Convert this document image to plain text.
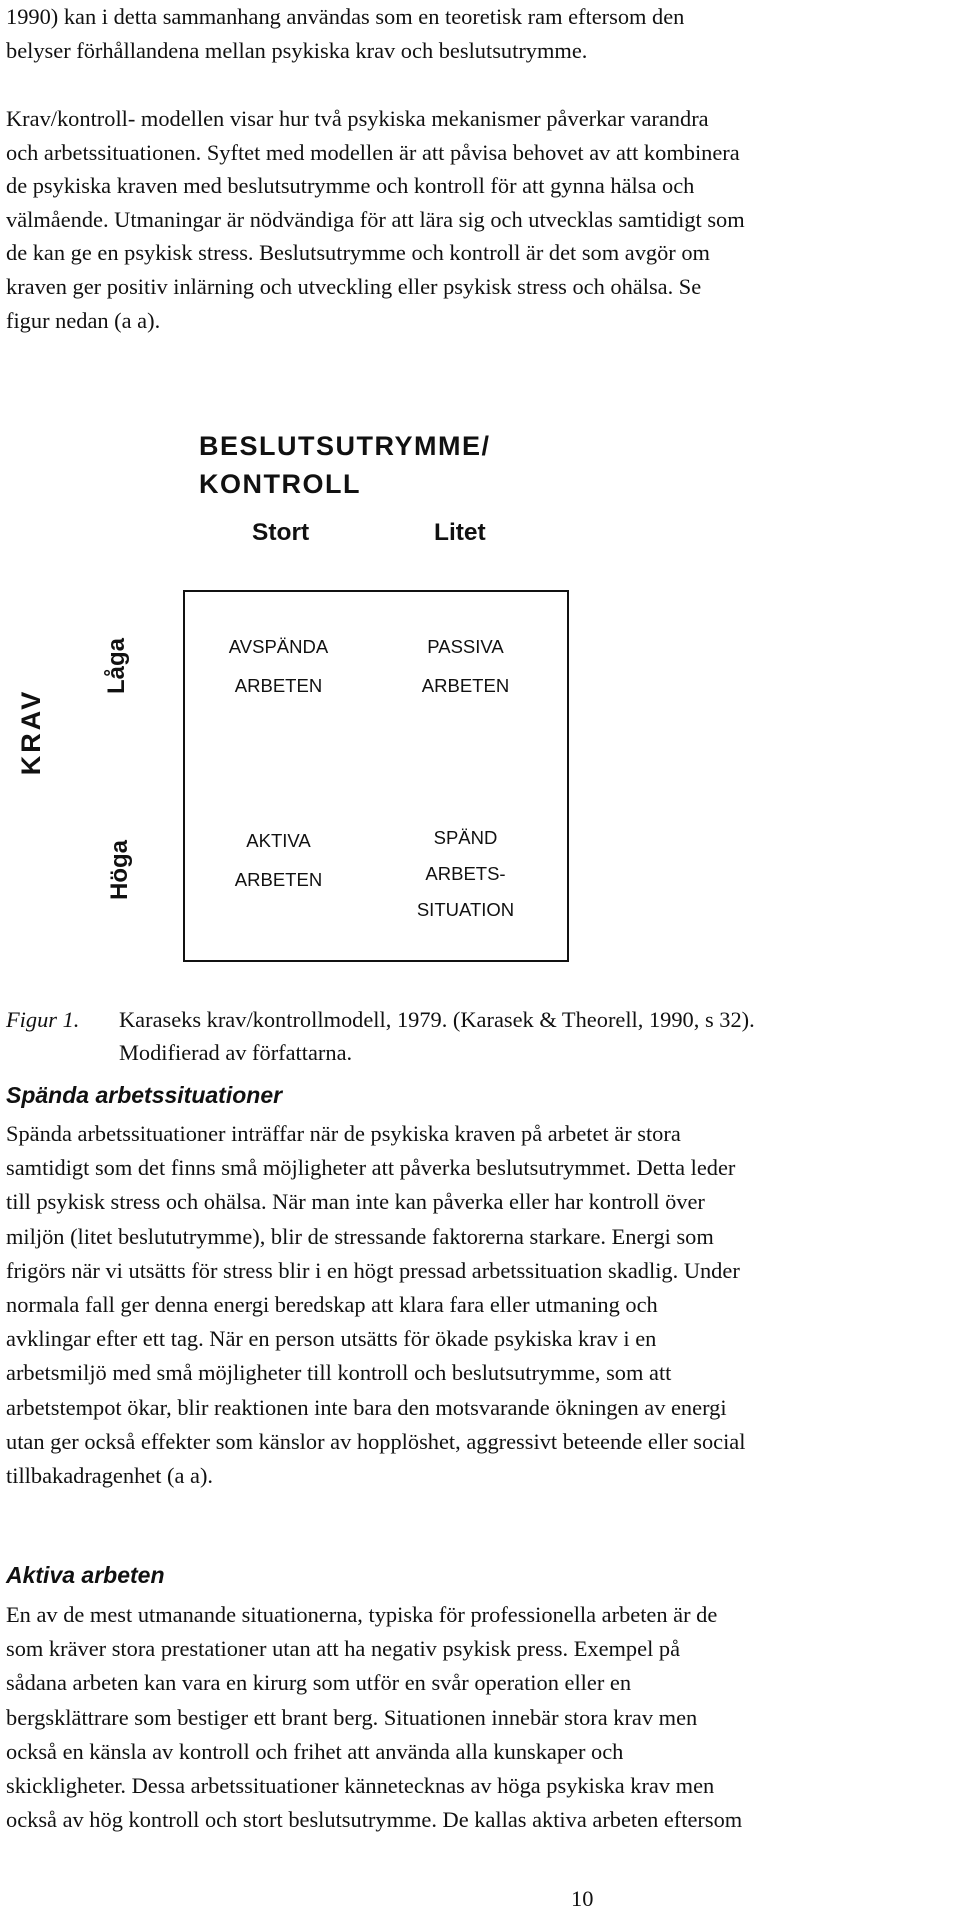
1990) kan i detta sammanhang användas som en teoretisk ram eftersom den
belyser förhållandena mellan psykiska krav och beslutsutrymme.
Krav/kontroll- modellen visar hur två psykiska mekanismer påverkar varandra
och arbetssituationen. Syftet med modellen är att påvisa behovet av att kombinera
de psykiska kraven med beslutsutrymme och kontroll för att gynna hälsa och
välmående. Utmaningar är nödvändiga för att lära sig och utvecklas samtidigt som
de kan ge en psykisk stress. Beslutsutrymme och kontroll är det som avgör om
kraven ger positiv inlärning och utveckling eller psykisk stress och ohälsa. Se
figur nedan (a a).
BESLUTSUTRYMME/
KONTROLL
Stort	Litet
KRAV
Låga
Höga
AVSPÄNDA
ARBETEN
PASSIVA
ARBETEN
AKTIVA
ARBETEN
SPÄND
ARBETS-
SITUATION
Figur 1. Karaseks krav/kontrollmodell, 1979. (Karasek & Theorell, 1990, s 32).
Modifierad av författarna.
Spända arbetssituationer
Spända arbetssituationer inträffar när de psykiska kraven på arbetet är stora
samtidigt som det finns små möjligheter att påverka beslutsutrymmet. Detta leder
till psykisk stress och ohälsa. När man inte kan påverka eller har kontroll över
miljön (litet beslututrymme), blir de stressande faktorerna starkare. Energi som
frigörs när vi utsätts för stress blir i en högt pressad arbetssituation skadlig. Under
normala fall ger denna energi beredskap att klara fara eller utmaning och
avklingar efter ett tag. När en person utsätts för ökade psykiska krav i en
arbetsmiljö med små möjligheter till kontroll och beslutsutrymme, som att
arbetstempot ökar, blir reaktionen inte bara den motsvarande ökningen av energi
utan ger också effekter som känslor av hopplöshet, aggressivt beteende eller social
tillbakadragenhet (a a).
Aktiva arbeten
En av de mest utmanande situationerna, typiska för professionella arbeten är de
som kräver stora prestationer utan att ha negativ psykisk press. Exempel på
sådana arbeten kan vara en kirurg som utför en svår operation eller en
bergsklättrare som bestiger ett brant berg. Situationen innebär stora krav men
också en känsla av kontroll och frihet att använda alla kunskaper och
skickligheter. Dessa arbetssituationer kännetecknas av höga psykiska krav men
också av hög kontroll och stort beslutsutrymme. De kallas aktiva arbeten eftersom
10
